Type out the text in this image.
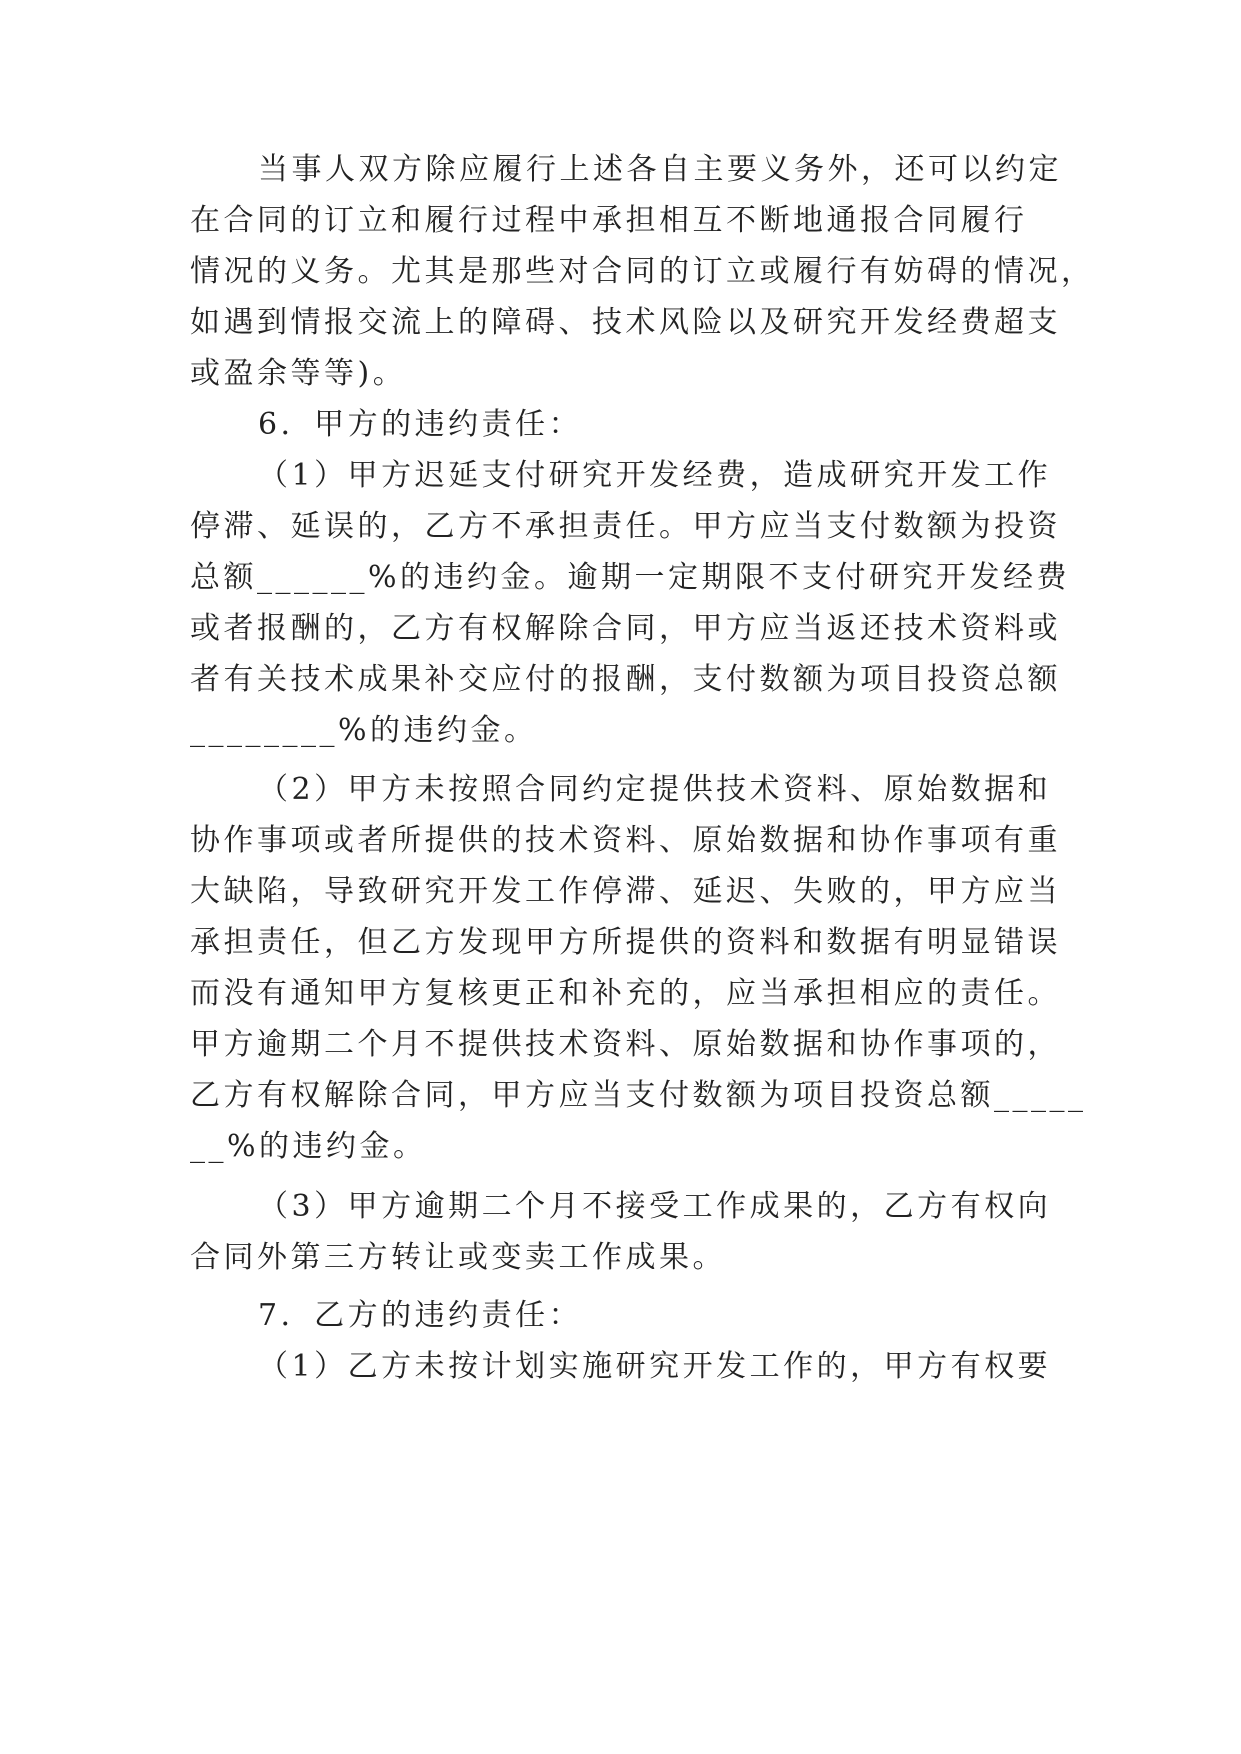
当事人双方除应履行上述各自主要义务外，还可以约定
在合同的订立和履行过程中承担相互不断地通报合同履行
情况的义务。尤其是那些对合同的订立或履行有妨碍的情况，
如遇到情报交流上的障碍、技术风险以及研究开发经费超支
或盈余等等)。
6．甲方的违约责任：
（1）甲方迟延支付研究开发经费，造成研究开发工作
停滞、延误的，乙方不承担责任。甲方应当支付数额为投资
总额______%的违约金。逾期一定期限不支付研究开发经费
或者报酬的，乙方有权解除合同，甲方应当返还技术资料或
者有关技术成果补交应付的报酬，支付数额为项目投资总额
________%的违约金。
（2）甲方未按照合同约定提供技术资料、原始数据和
协作事项或者所提供的技术资料、原始数据和协作事项有重
大缺陷，导致研究开发工作停滞、延迟、失败的，甲方应当
承担责任，但乙方发现甲方所提供的资料和数据有明显错误
而没有通知甲方复核更正和补充的，应当承担相应的责任。
甲方逾期二个月不提供技术资料、原始数据和协作事项的，
乙方有权解除合同，甲方应当支付数额为项目投资总额_____
__%的违约金。
（3）甲方逾期二个月不接受工作成果的，乙方有权向
合同外第三方转让或变卖工作成果。
7．乙方的违约责任：
（1）乙方未按计划实施研究开发工作的，甲方有权要
